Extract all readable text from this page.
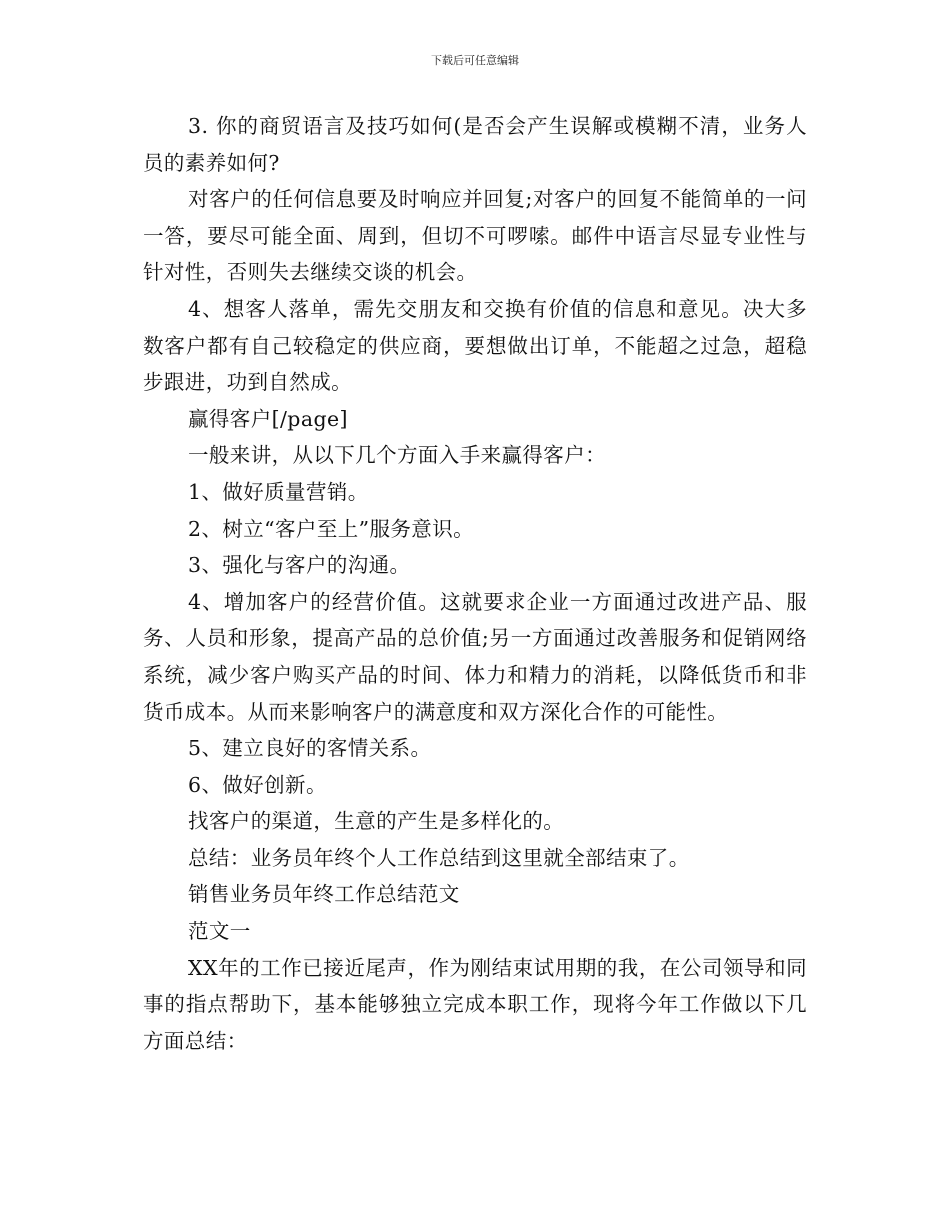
下载后可任意编辑

3. 你的商贸语言及技巧如何(是否会产生误解或模糊不清，业务人员的素养如何?

对客户的任何信息要及时响应并回复;对客户的回复不能简单的一问一答，要尽可能全面、周到，但切不可啰嗦。邮件中语言尽显专业性与针对性，否则失去继续交谈的机会。

4、想客人落单，需先交朋友和交换有价值的信息和意见。决大多数客户都有自己较稳定的供应商，要想做出订单，不能超之过急，超稳步跟进，功到自然成。

赢得客户[/page]

一般来讲，从以下几个方面入手来赢得客户：

1、做好质量营销。

2、树立“客户至上”服务意识。

3、强化与客户的沟通。

4、增加客户的经营价值。这就要求企业一方面通过改进产品、服务、人员和形象，提高产品的总价值;另一方面通过改善服务和促销网络系统，减少客户购买产品的时间、体力和精力的消耗，以降低货币和非货币成本。从而来影响客户的满意度和双方深化合作的可能性。

5、建立良好的客情关系。

6、做好创新。

找客户的渠道，生意的产生是多样化的。

总结：业务员年终个人工作总结到这里就全部结束了。

销售业务员年终工作总结范文

范文一

XX年的工作已接近尾声，作为刚结束试用期的我，在公司领导和同事的指点帮助下，基本能够独立完成本职工作，现将今年工作做以下几方面总结：
